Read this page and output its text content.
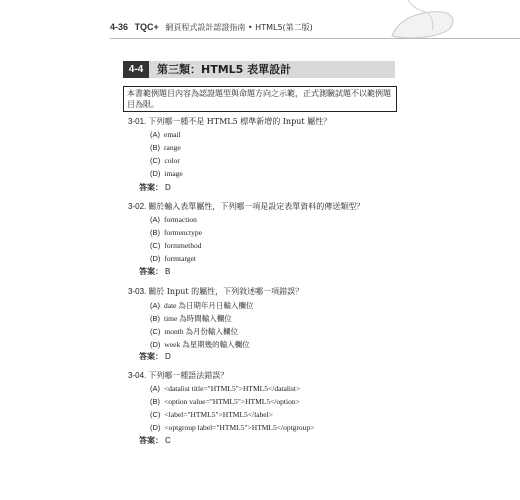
4-36 TQC+ 網頁程式設計認證指南 • HTML5(第二版)
4-4	第三類：HTML5 表單設計
本書範例題目內容為認證題型與命題方向之示範，正式測驗試題不以範例題目為限。
3-01. 下列哪一種不是 HTML5 標準新增的 Input 屬性？
(A) email
(B) range
(C) color
(D) image
答案： D
3-02. 關於輸入表單屬性，下列哪一項是設定表單資料的傳送類型？
(A) formaction
(B) formenctype
(C) formmethod
(D) formtarget
答案： B
3-03. 關於 Input 的屬性，下列敘述哪一項錯誤？
(A) date 為日期年月日輸入欄位
(B) time 為時間輸入欄位
(C) month 為月份輸入欄位
(D) week 為星期幾的輸入欄位
答案： D
3-04. 下列哪一種語法錯誤？
(A) <datalist title="HTML5">HTML5</datalist>
(B) <option value="HTML5">HTML5</option>
(C) <label="HTML5">HTML5</label>
(D) <optgroup label="HTML5">HTML5</optgroup>
答案： C
